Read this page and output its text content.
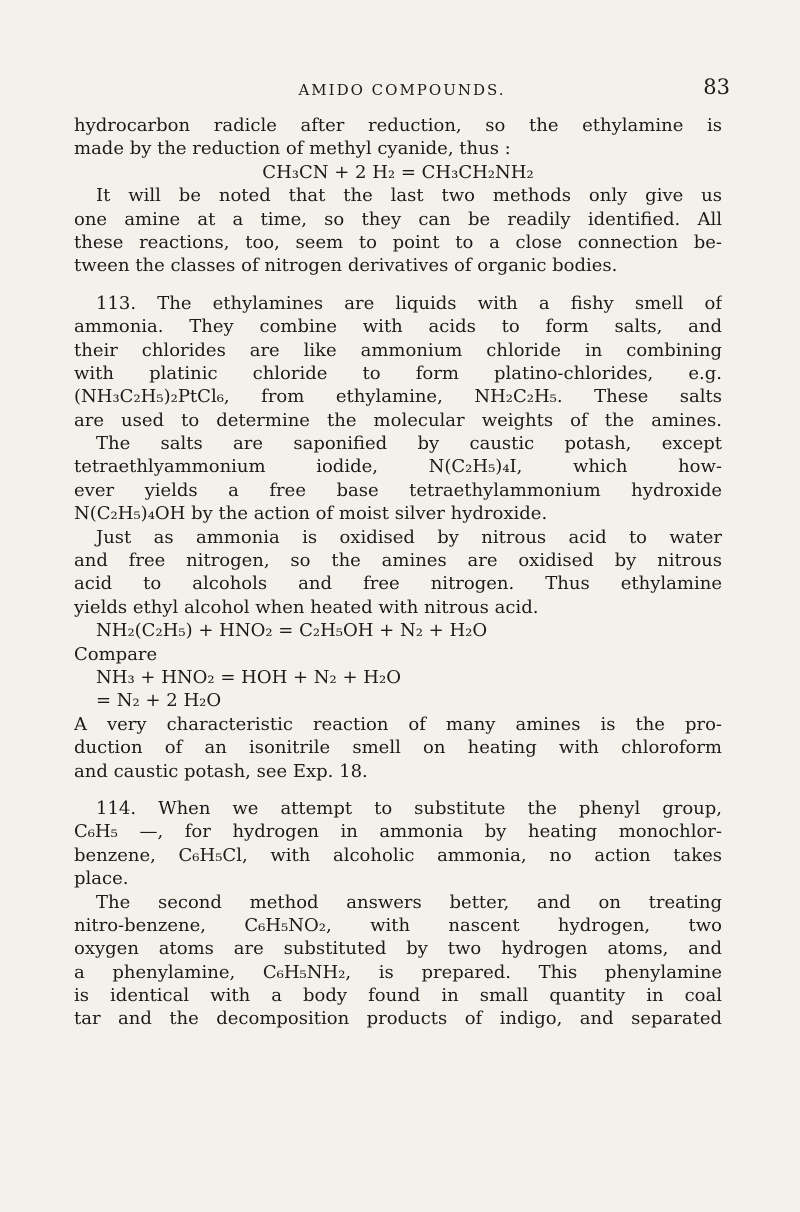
AMIDO COMPOUNDS.	83
hydrocarbon radicle after reduction, so the ethylamine is
made by the reduction of methyl cyanide, thus :
CH₃CN + 2 H₂ = CH₃CH₂NH₂
It will be noted that the last two methods only give us
one amine at a time, so they can be readily identified. All
these reactions, too, seem to point to a close connection be-
tween the classes of nitrogen derivatives of organic bodies.
113. The ethylamines are liquids with a fishy smell of
ammonia. They combine with acids to form salts, and
their chlorides are like ammonium chloride in combining
with platinic chloride to form platino-chlorides, e.g.
(NH₃C₂H₅)₂PtCl₆, from ethylamine, NH₂C₂H₅. These salts
are used to determine the molecular weights of the amines.
The salts are saponified by caustic potash, except
tetraethlyammonium iodide, N(C₂H₅)₄I, which how-
ever yields a free base tetraethylammonium hydroxide
N(C₂H₅)₄OH by the action of moist silver hydroxide.
Just as ammonia is oxidised by nitrous acid to water
and free nitrogen, so the amines are oxidised by nitrous
acid to alcohols and free nitrogen. Thus ethylamine
yields ethyl alcohol when heated with nitrous acid.
NH₂(C₂H₅) + HNO₂ = C₂H₅OH + N₂ + H₂O
Compare
NH₃ + HNO₂ = HOH + N₂ + H₂O
= N₂ + 2 H₂O
A very characteristic reaction of many amines is the pro-
duction of an isonitrile smell on heating with chloroform
and caustic potash, see Exp. 18.
114. When we attempt to substitute the phenyl group,
C₆H₅ —, for hydrogen in ammonia by heating monochlor-
benzene, C₆H₅Cl, with alcoholic ammonia, no action takes
place.
The second method answers better, and on treating
nitro-benzene, C₆H₅NO₂, with nascent hydrogen, two
oxygen atoms are substituted by two hydrogen atoms, and
a phenylamine, C₆H₅NH₂, is prepared. This phenylamine
is identical with a body found in small quantity in coal
tar and the decomposition products of indigo, and separated
